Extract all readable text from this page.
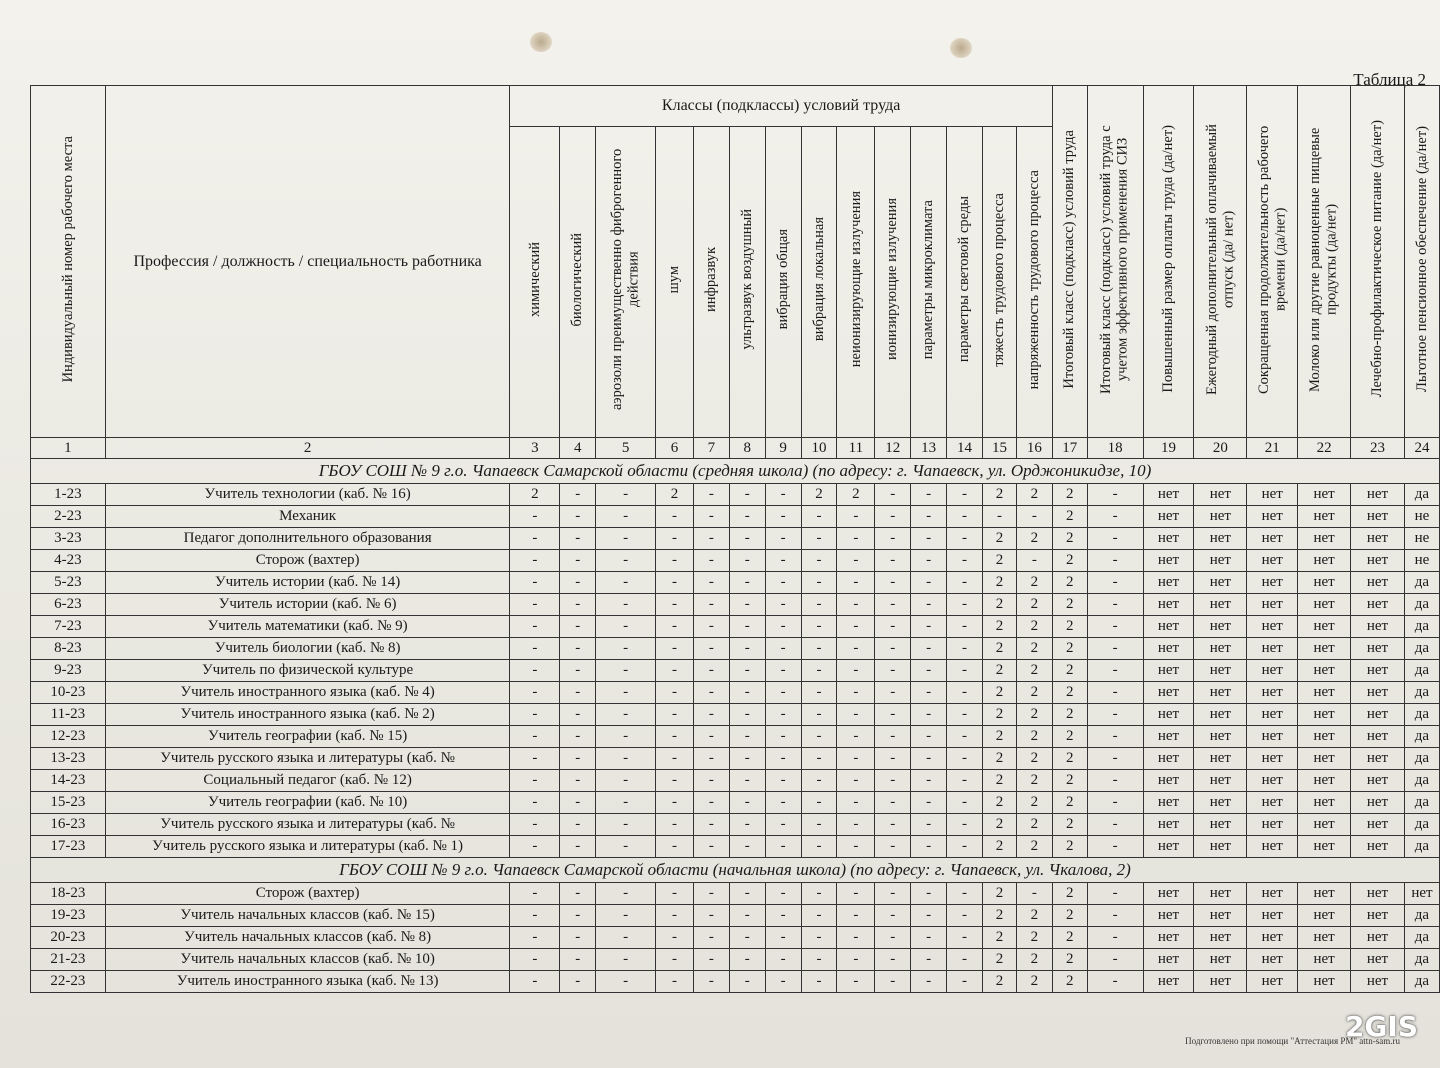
Таблица 2
Индивидуальный номер рабочего места	Профессия / должность / специальность работника	Классы (подклассы) условий труда														Итоговый класс (подкласс) условий труда	Итоговый класс (подкласс) условий труда с учетом эффективного применения СИЗ	Повышенный размер оплаты труда (да/нет)	Ежегодный дополнительный оплачиваемый отпуск (да/ нет)	Сокращенная продолжительность рабочего времени (да/нет)	Молоко или другие равноценные пищевые продукты (да/нет)	Лечебно-профилактическое питание (да/нет)	Льготное пенсионное обеспечение (да/нет)
		химический	биологический	аэрозоли преимущественно фиброгенного действия	шум	инфразвук	ультразвук воздушный	вибрация общая	вибрация локальная	неионизирующие излучения	ионизирующие излучения	параметры микроклимата	параметры световой среды	тяжесть трудового процесса	напряженность трудового процесса								
1	2	3	4	5	6	7	8	9	10	11	12	13	14	15	16	17	18	19	20	21	22	23	24
ГБОУ СОШ № 9 г.о. Чапаевск Самарской области (средняя школа) (по адресу: г. Чапаевск, ул. Орджоникидзе, 10)																							
1-23	Учитель технологии (каб. № 16)	2	-	-	2	-	-	-	2	2	-	-	-	2	2	2	-	нет	нет	нет	нет	нет	да
2-23	Механик	-	-	-	-	-	-	-	-	-	-	-	-	-	-	2	-	нет	нет	нет	нет	нет	не
3-23	Педагог дополнительного образования	-	-	-	-	-	-	-	-	-	-	-	-	2	2	2	-	нет	нет	нет	нет	нет	не
4-23	Сторож (вахтер)	-	-	-	-	-	-	-	-	-	-	-	-	2	-	2	-	нет	нет	нет	нет	нет	не
5-23	Учитель истории (каб. № 14)	-	-	-	-	-	-	-	-	-	-	-	-	2	2	2	-	нет	нет	нет	нет	нет	да
6-23	Учитель истории (каб. № 6)	-	-	-	-	-	-	-	-	-	-	-	-	2	2	2	-	нет	нет	нет	нет	нет	да
7-23	Учитель математики (каб. № 9)	-	-	-	-	-	-	-	-	-	-	-	-	2	2	2	-	нет	нет	нет	нет	нет	да
8-23	Учитель биологии (каб. № 8)	-	-	-	-	-	-	-	-	-	-	-	-	2	2	2	-	нет	нет	нет	нет	нет	да
9-23	Учитель по физической культуре	-	-	-	-	-	-	-	-	-	-	-	-	2	2	2	-	нет	нет	нет	нет	нет	да
10-23	Учитель иностранного языка (каб. № 4)	-	-	-	-	-	-	-	-	-	-	-	-	2	2	2	-	нет	нет	нет	нет	нет	да
11-23	Учитель иностранного языка (каб. № 2)	-	-	-	-	-	-	-	-	-	-	-	-	2	2	2	-	нет	нет	нет	нет	нет	да
12-23	Учитель географии (каб. № 15)	-	-	-	-	-	-	-	-	-	-	-	-	2	2	2	-	нет	нет	нет	нет	нет	да
13-23	Учитель русского языка и литературы (каб. №	-	-	-	-	-	-	-	-	-	-	-	-	2	2	2	-	нет	нет	нет	нет	нет	да
14-23	Социальный педагог (каб. № 12)	-	-	-	-	-	-	-	-	-	-	-	-	2	2	2	-	нет	нет	нет	нет	нет	да
15-23	Учитель географии (каб. № 10)	-	-	-	-	-	-	-	-	-	-	-	-	2	2	2	-	нет	нет	нет	нет	нет	да
16-23	Учитель русского языка и литературы (каб. №	-	-	-	-	-	-	-	-	-	-	-	-	2	2	2	-	нет	нет	нет	нет	нет	да
17-23	Учитель русского языка и литературы (каб. № 1)	-	-	-	-	-	-	-	-	-	-	-	-	2	2	2	-	нет	нет	нет	нет	нет	да
ГБОУ СОШ № 9 г.о. Чапаевск Самарской области (начальная школа) (по адресу: г. Чапаевск, ул. Чкалова, 2)																							
18-23	Сторож (вахтер)	-	-	-	-	-	-	-	-	-	-	-	-	2	-	2	-	нет	нет	нет	нет	нет	нет
19-23	Учитель начальных классов (каб. № 15)	-	-	-	-	-	-	-	-	-	-	-	-	2	2	2	-	нет	нет	нет	нет	нет	да
20-23	Учитель начальных классов (каб. № 8)	-	-	-	-	-	-	-	-	-	-	-	-	2	2	2	-	нет	нет	нет	нет	нет	да
21-23	Учитель начальных классов (каб. № 10)	-	-	-	-	-	-	-	-	-	-	-	-	2	2	2	-	нет	нет	нет	нет	нет	да
22-23	Учитель иностранного языка (каб. № 13)	-	-	-	-	-	-	-	-	-	-	-	-	2	2	2	-	нет	нет	нет	нет	нет	да
Подготовлено при помощи "Аттестация РМ" attn-sam.ru
2GIS
